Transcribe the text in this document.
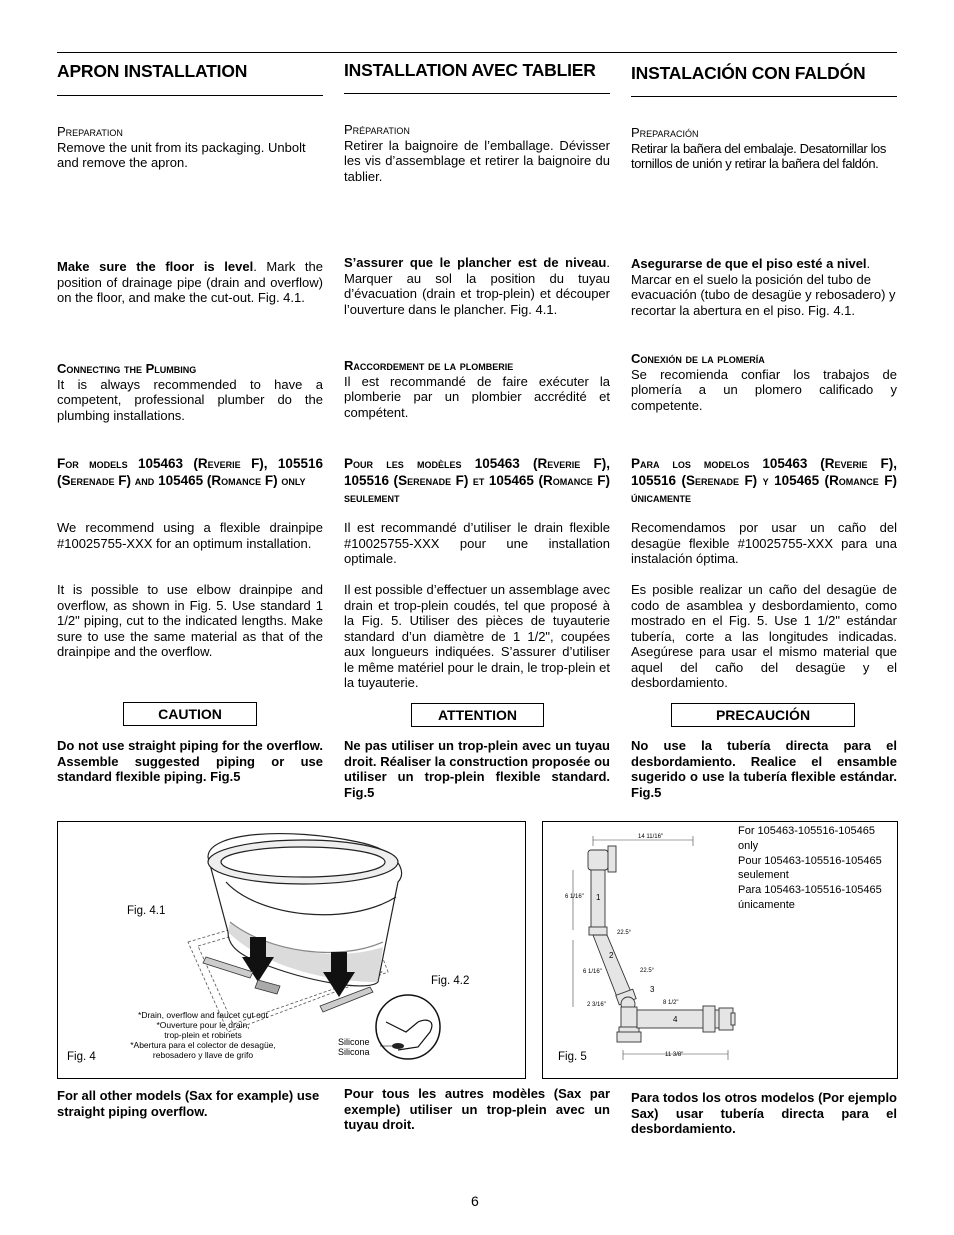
APRON INSTALLATION	INSTALLATION AVEC TABLIER INSTALACIÓN CON FALDÓN
Preparation
Remove the unit from its packaging. Unbolt and remove the apron.
Préparation
Retirer la baignoire de l’emballage. Dévisser les vis d’assemblage et retirer la baignoire du tablier.
Preparación
Retirar la bañera del embalaje. Desatornillar los tornillos de unión y retirar la bañera del faldón.
Make sure the floor is level. Mark the position of drainage pipe (drain and overflow) on the floor, and make the cut-out. Fig. 4.1.
S’assurer que le plancher est de niveau. Marquer au sol la position du tuyau d’évacuation (drain et trop-plein) et découper l’ouverture dans le plancher. Fig. 4.1.
Asegurarse de que el piso esté a nivel. Marcar en el suelo la posición del tubo de evacuación (tubo de desagüe y rebosadero) y recortar la abertura en el piso. Fig. 4.1.
Connecting the Plumbing
It is always recommended to have a competent, professional plumber do the plumbing installations.
Raccordement de la plomberie
Il est recommandé de faire exécuter la plomberie par un plombier accrédité et compétent.
Conexión de la plomería
Se recomienda confiar los trabajos de plomería a un plomero calificado y competente.
For models 105463 (Reverie F), 105516 (Serenade F) and 105465 (Romance F) only
Pour les modèles 105463 (Reverie F), 105516 (Serenade F) et 105465 (Romance F) seulement
Para los modelos 105463 (Reverie F), 105516 (Serenade F) y 105465 (Romance F) únicamente
We recommend using a flexible drainpipe #10025755-XXX for an optimum installation.
Il est recommandé d’utiliser le drain flexible #10025755-XXX pour une installation optimale.
Recomendamos por usar un caño del desagüe flexible #10025755-XXX para una instalación óptima.
It is possible to use elbow drainpipe and overflow, as shown in Fig. 5. Use standard 1 1/2" piping, cut to the indicated lengths. Make sure to use the same material as that of the drainpipe and the overflow.
Il est possible d’effectuer un assemblage avec drain et trop-plein coudés, tel que proposé à la Fig. 5. Utiliser des pièces de tuyauterie standard d’un diamètre de 1 1/2", coupées aux longueurs indiquées. S’assurer d’utiliser le même matériel pour le drain, le trop-plein et la tuyauterie.
Es posible realizar un caño del desagüe de codo de asamblea y desbordamiento, como mostrado en el Fig. 5. Use 1 1/2" estándar tubería, corte a las longitudes indicadas. Asegúrese para usar el mismo material que aquel del caño del desagüe y el desbordamiento.
CAUTION	ATTENTION	PRECAUCIÓN
Do not use straight piping for the overflow. Assemble suggested piping or use standard flexible piping. Fig.5
Ne pas utiliser un trop-plein avec un tuyau droit. Réaliser la construction proposée ou utiliser un trop-plein flexible standard. Fig.5
No use la tubería directa para el desbordamiento. Realice el ensamble sugerido o use la tubería flexible estándar. Fig.5
Fig. 4.1
Fig. 4.2
Fig. 4
*Drain, overflow and faucet cut out
*Ouverture pour le drain,
trop-plein et robinets
*Abertura para el colector de desagüe,
rebosadero y llave de grifo
Silicone
Silicona
14 11/16"
6 1/16"
6 1/16"
2 3/16"	8 1/2"
11 3/8"
22.5°
22.5°
1
2
3
4
For 105463-105516-105465
only
Pour 105463-105516-105465
seulement
Para 105463-105516-105465
únicamente
Fig. 5
For all other models (Sax for example) use straight piping overflow.
Pour tous les autres modèles (Sax par exemple) utiliser un trop-plein avec un tuyau droit.
Para todos los otros modelos (Por ejemplo Sax) usar tubería directa para el desbordamiento.
6
